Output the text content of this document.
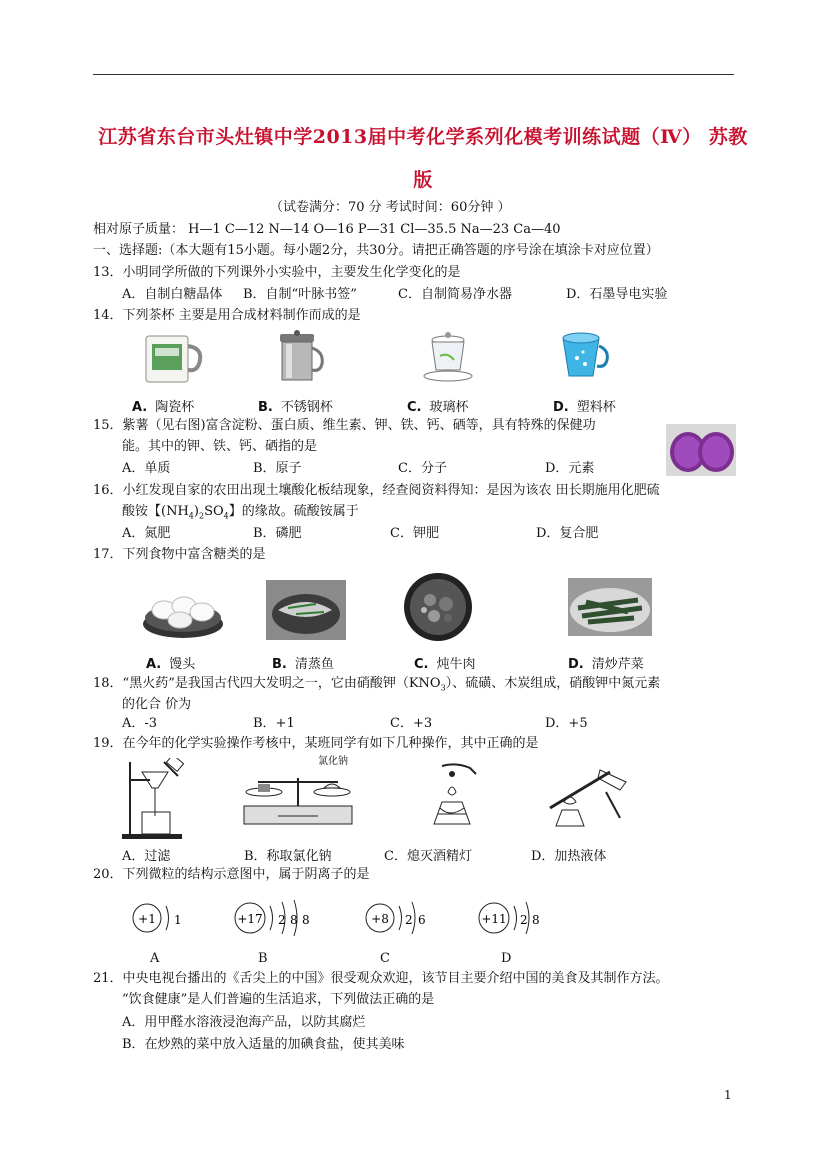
江苏省东台市头灶镇中学2013届中考化学系列化模考训练试题（Ⅳ） 苏教
版
（试卷满分：70 分 考试时间：60分钟 ）
相对原子质量： H—1 C—12 N—14 O—16 P—31 Cl—35.5 Na—23 Ca—40
一、选择题:（本大题有15小题。每小题2分，共30分。请把正确答题的序号涂在填涂卡对应位置）
13．小明同学所做的下列课外小实验中，主要发生化学变化的是
A．自制白糖晶体 B．自制“叶脉书签”	C．自制简易净水器	D．石墨导电实验
14．下列茶杯 主要是用合成材料制作而成的是
A. 陶瓷杯	B. 不锈钢杯	C. 玻璃杯	D. 塑料杯
15．紫薯（见右图)富含淀粉、蛋白质、维生素、钾、铁、钙、硒等，具有特殊的保健功
能。其中的钾、铁、钙、硒指的是
A．单质	B．原子	C．分子	D．元素
16．小红发现自家的农田出现土壤酸化板结现象，经查阅资料得知：是因为该农 田长期施用化肥硫
酸铵【$(NH_4)_2SO_4$】的缘故。硫酸铵属于
A．氮肥	B．磷肥	C．钾肥	D．复合肥
17．下列食物中富含糖类的是
A. 馒头	B. 清蒸鱼	C. 炖牛肉	D. 清炒芹菜
18．“黑火药”是我国古代四大发明之一，它由硝酸钾$(KNO_3)$、硫磺、木炭组成，硝酸钾中氮元素
的化合 价为
A．-3	B．+1	C．+3	D．+5
19．在今年的化学实验操作考核中，某班同学有如下几种操作，其中正确的是
氯化钠
A．过滤	B．称取氯化钠	C．熄灭酒精灯	D．加热液体
20．下列微粒的结构示意图中，属于阴离子的是
+1 1	+17 2 8 8	+8 2 6	+11 2 8
A	B	C	D
21．中央电视台播出的《舌尖上的中国》很受观众欢迎，该节目主要介绍中国的美食及其制作方法。
“饮食健康”是人们普遍的生活追求，下列做法正确的是
A．用甲醛水溶液浸泡海产品，以防其腐烂
B．在炒熟的菜中放入适量的加碘食盐，使其美味
1
